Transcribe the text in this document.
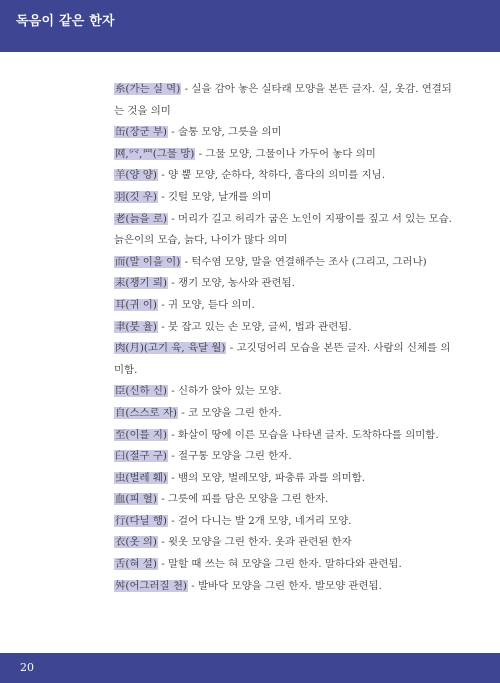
독음이 같은 한자

糸(가는 실 멱) - 실을 감아 놓은 실타래 모양을 본뜬 글자. 실, 옷감. 연결되는 것을 의미

缶(장군 부) - 술통 모양, 그릇을 의미

网,㓁,罒(그물 망) - 그물 모양, 그물이나 가두어 놓다 의미

羊(양 양) - 양 뿔 모양, 순하다, 착하다, 흠다의 의미를 지님.

羽(깃 우) - 깃털 모양, 날개를 의미

老(늙을 로) - 머리가 길고 허리가 굽은 노인이 지팡이를 짚고 서 있는 모습. 늙은이의 모습, 늙다, 나이가 많다 의미

而(말 이을 이) - 턱수염 모양, 말을 연결해주는 조사 (그리고, 그러나)

耒(쟁기 뢰) - 쟁기 모양, 농사와 관련됨.

耳(귀 이) - 귀 모양, 듣다 의미.

聿(붓 율) - 붓 잡고 있는 손 모양, 글씨, 법과 관련됨.

肉(月)(고기 육, 육달 월) - 고깃덩어리 모습을 본뜬 글자. 사람의 신체를 의미함.

臣(신하 신) - 신하가 앉아 있는 모양.

自(스스로 자) - 코 모양을 그린 한자.

至(이를 지) - 화살이 땅에 이른 모습을 나타낸 글자. 도착하다를 의미함.

臼(절구 구) - 절구통 모양을 그린 한자.

虫(벌레 훼) - 뱀의 모양, 벌레모양, 파충류 과를 의미함.

血(피 혈) - 그릇에 피를 담은 모양을 그린 한자.

行(다닐 행) - 걸어 다니는 발 2개 모양, 네거리 모양.

衣(옷 의) - 윗옷 모양을 그린 한자. 옷과 관련된 한자

舌(혀 설) - 말할 때 쓰는 혀 모양을 그린 한자. 말하다와 관련됨.

舛(어그러질 천) - 발바닥 모양을 그린 한자. 발모양 관련됨.

20
